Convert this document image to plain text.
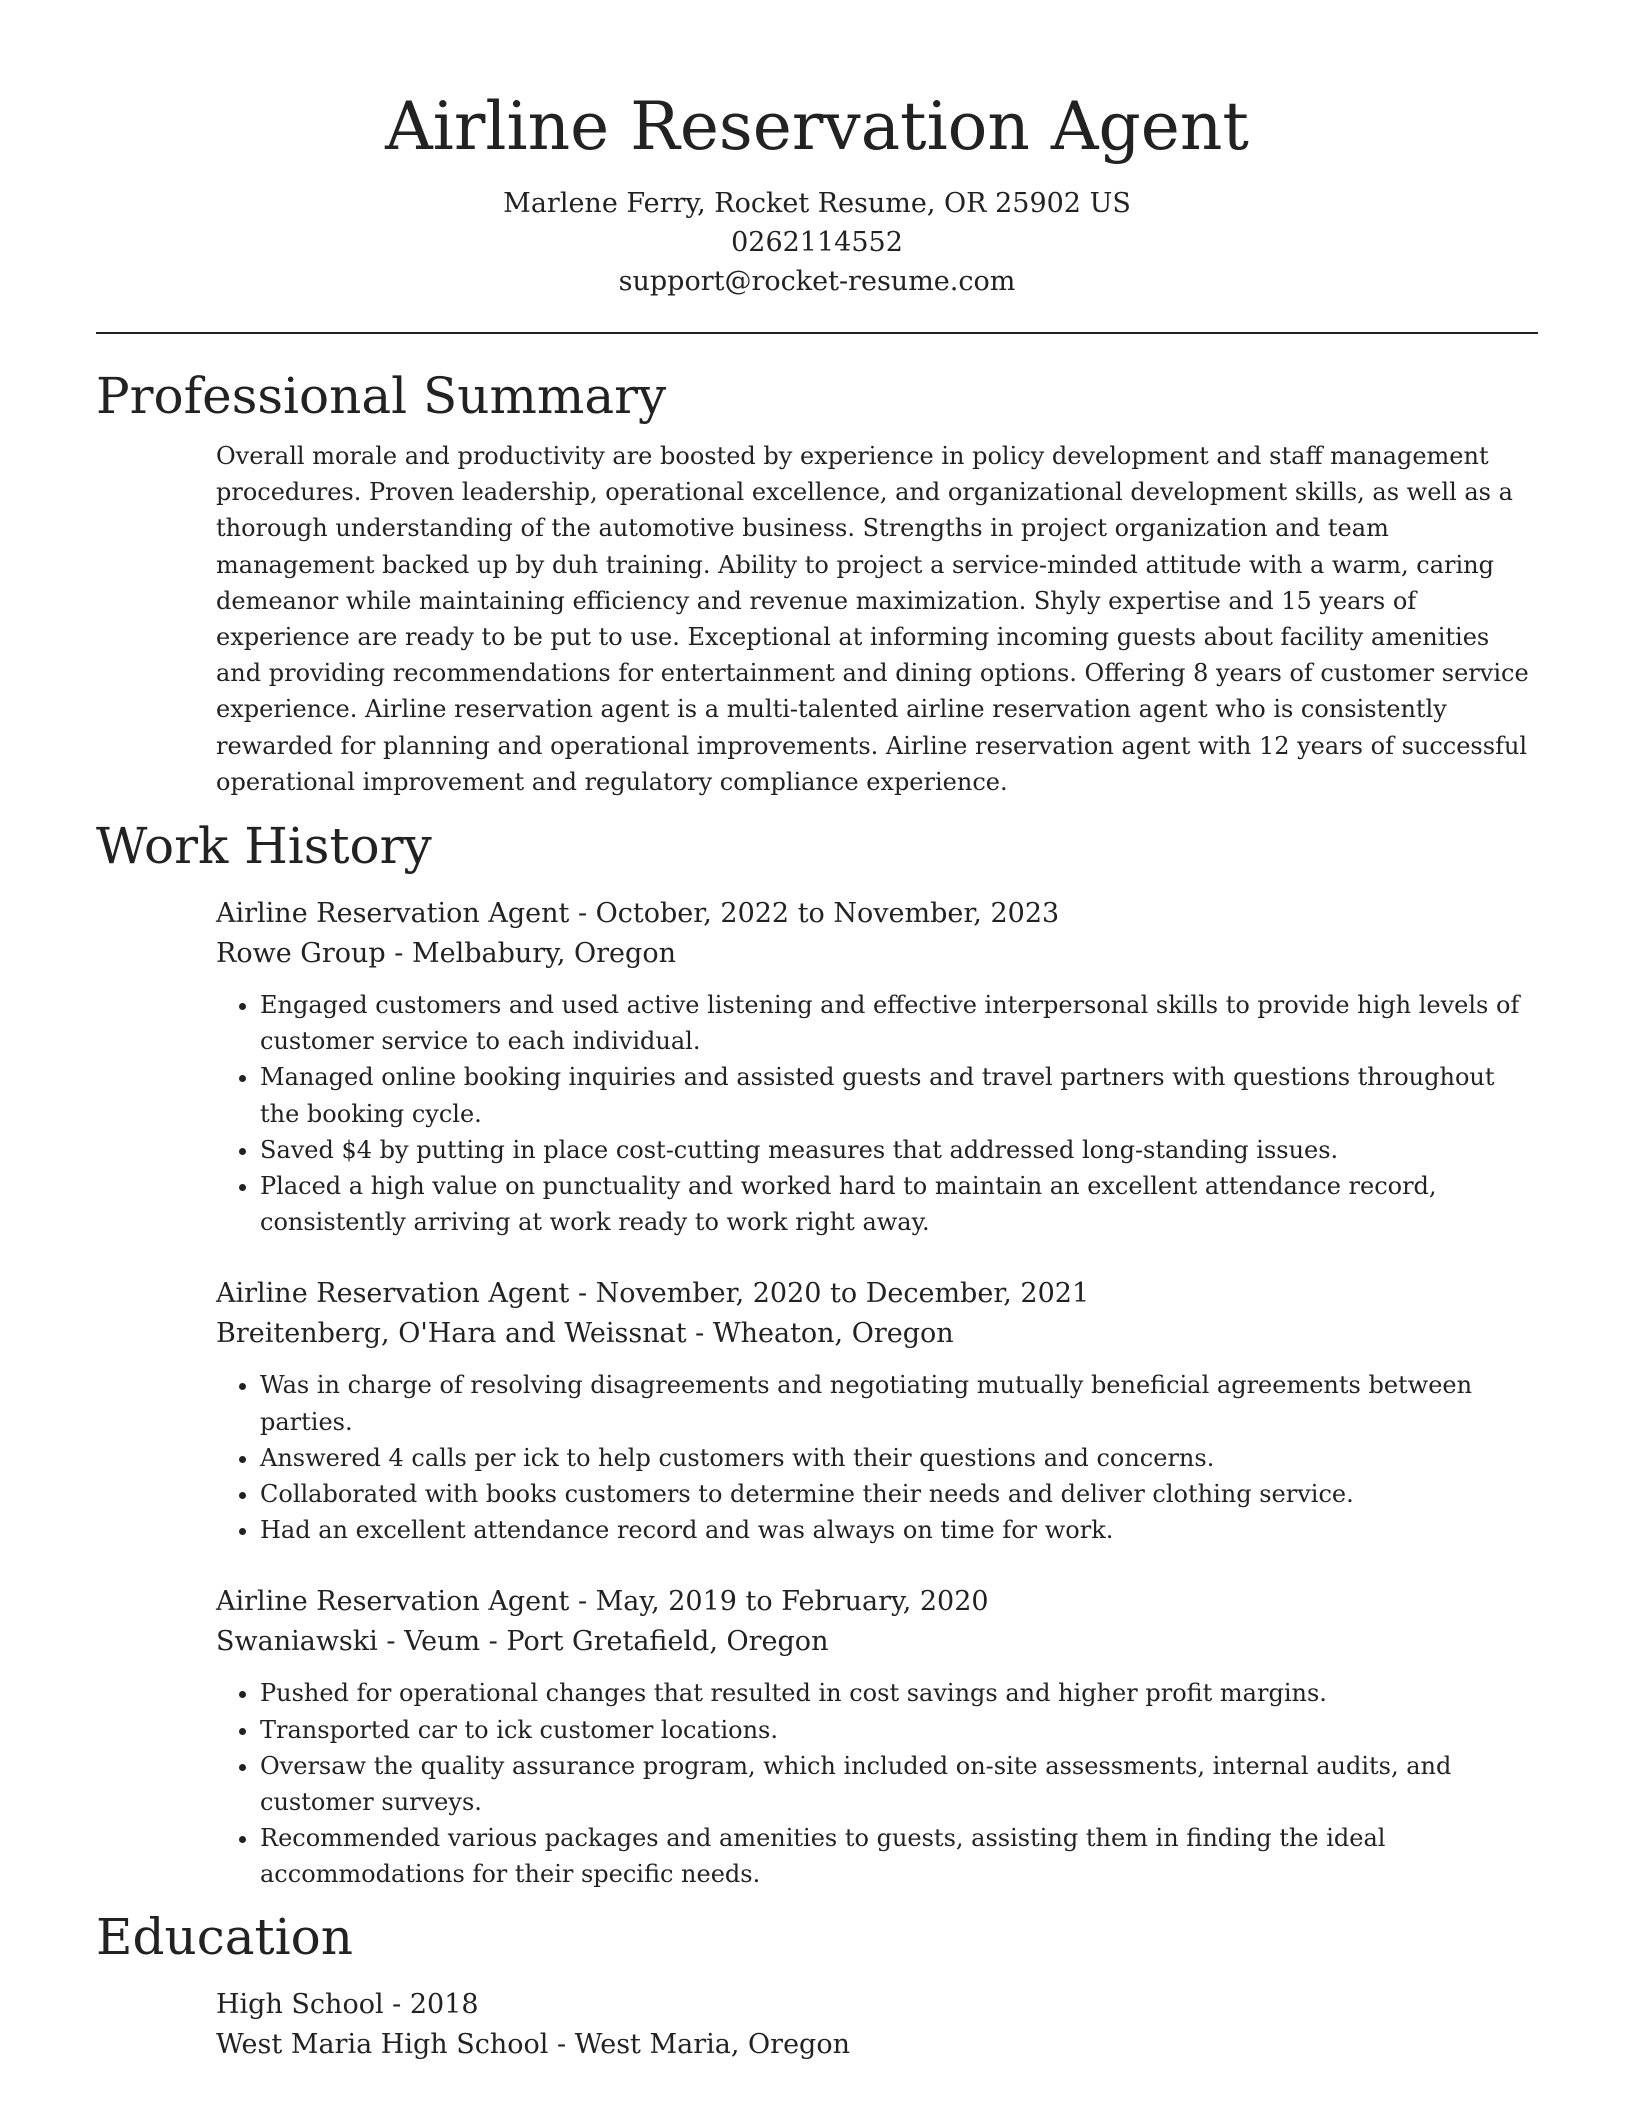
Airline Reservation Agent
Marlene Ferry, Rocket Resume, OR 25902 US
0262114552
support@rocket-resume.com
Professional Summary
Overall morale and productivity are boosted by experience in policy development and staff management procedures. Proven leadership, operational excellence, and organizational development skills, as well as a thorough understanding of the automotive business. Strengths in project organization and team management backed up by duh training. Ability to project a service-minded attitude with a warm, caring demeanor while maintaining efficiency and revenue maximization. Shyly expertise and 15 years of experience are ready to be put to use. Exceptional at informing incoming guests about facility amenities and providing recommendations for entertainment and dining options. Offering 8 years of customer service experience. Airline reservation agent is a multi-talented airline reservation agent who is consistently rewarded for planning and operational improvements. Airline reservation agent with 12 years of successful operational improvement and regulatory compliance experience.
Work History
Airline Reservation Agent - October, 2022 to November, 2023
Rowe Group - Melbabury, Oregon
• Engaged customers and used active listening and effective interpersonal skills to provide high levels of customer service to each individual.
• Managed online booking inquiries and assisted guests and travel partners with questions throughout the booking cycle.
• Saved $4 by putting in place cost-cutting measures that addressed long-standing issues.
• Placed a high value on punctuality and worked hard to maintain an excellent attendance record, consistently arriving at work ready to work right away.
Airline Reservation Agent - November, 2020 to December, 2021
Breitenberg, O'Hara and Weissnat - Wheaton, Oregon
• Was in charge of resolving disagreements and negotiating mutually beneficial agreements between parties.
• Answered 4 calls per ick to help customers with their questions and concerns.
• Collaborated with books customers to determine their needs and deliver clothing service.
• Had an excellent attendance record and was always on time for work.
Airline Reservation Agent - May, 2019 to February, 2020
Swaniawski - Veum - Port Gretafield, Oregon
• Pushed for operational changes that resulted in cost savings and higher profit margins.
• Transported car to ick customer locations.
• Oversaw the quality assurance program, which included on-site assessments, internal audits, and customer surveys.
• Recommended various packages and amenities to guests, assisting them in finding the ideal accommodations for their specific needs.
Education
High School - 2018
West Maria High School - West Maria, Oregon
